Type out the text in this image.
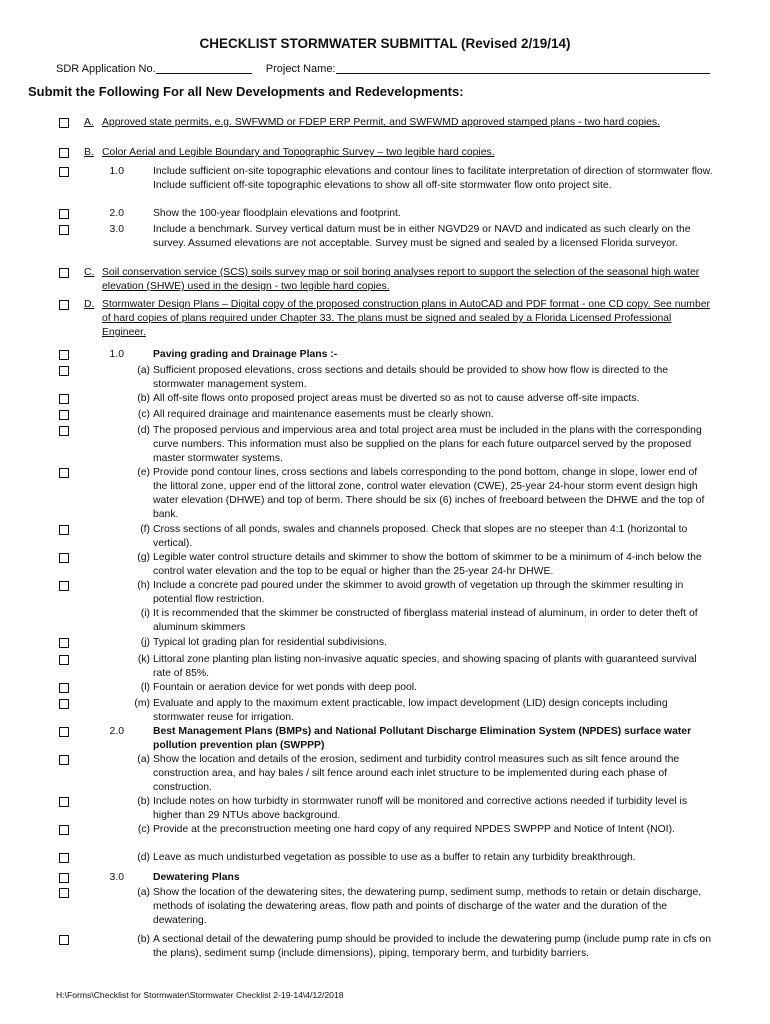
CHECKLIST STORMWATER SUBMITTAL (Revised 2/19/14)
SDR Application No.	Project Name:
Submit the Following For all New Developments and Redevelopments:
A. Approved state permits, e.g. SWFWMD or FDEP ERP Permit, and SWFWMD approved stamped plans - two hard copies.
B. Color Aerial and Legible Boundary and Topographic Survey – two legible hard copies.
1.0	Include sufficient on-site topographic elevations and contour lines to facilitate interpretation of direction of stormwater flow. Include sufficient off-site topographic elevations to show all off-site stormwater flow onto project site.
2.0	Show the 100-year floodplain elevations and footprint.
3.0	Include a benchmark. Survey vertical datum must be in either NGVD29 or NAVD and indicated as such clearly on the survey. Assumed elevations are not acceptable. Survey must be signed and sealed by a licensed Florida surveyor.
C. Soil conservation service (SCS) soils survey map or soil boring analyses report to support the selection of the seasonal high water elevation (SHWE) used in the design - two legible hard copies.
D. Stormwater Design Plans – Digital copy of the proposed construction plans in AutoCAD and PDF format - one CD copy. See number of hard copies of plans required under Chapter 33. The plans must be signed and sealed by a Florida Licensed Professional Engineer.
1.0	Paving grading and Drainage Plans :-
(a) Sufficient proposed elevations, cross sections and details should be provided to show how flow is directed to the stormwater management system.
(b) All off-site flows onto proposed project areas must be diverted so as not to cause adverse off-site impacts.
(c) All required drainage and maintenance easements must be clearly shown.
(d) The proposed pervious and impervious area and total project area must be included in the plans with the corresponding curve numbers. This information must also be supplied on the plans for each future outparcel served by the proposed master stormwater systems.
(e) Provide pond contour lines, cross sections and labels corresponding to the pond bottom, change in slope, lower end of the littoral zone, upper end of the littoral zone, control water elevation (CWE), 25-year 24-hour storm event design high water elevation (DHWE) and top of berm. There should be six (6) inches of freeboard between the DHWE and the top of bank.
(f) Cross sections of all ponds, swales and channels proposed. Check that slopes are no steeper than 4:1 (horizontal to vertical).
(g) Legible water control structure details and skimmer to show the bottom of skimmer to be a minimum of 4-inch below the control water elevation and the top to be equal or higher than the 25-year 24-hr DHWE.
(h) Include a concrete pad poured under the skimmer to avoid growth of vegetation up through the skimmer resulting in potential flow restriction.
(i) It is recommended that the skimmer be constructed of fiberglass material instead of aluminum, in order to deter theft of aluminum skimmers
(j) Typical lot grading plan for residential subdivisions.
(k) Littoral zone planting plan listing non-invasive aquatic species, and showing spacing of plants with guaranteed survival rate of 85%.
(l) Fountain or aeration device for wet ponds with deep pool.
(m) Evaluate and apply to the maximum extent practicable, low impact development (LID) design concepts including stormwater reuse for irrigation.
2.0	Best Management Plans (BMPs) and National Pollutant Discharge Elimination System (NPDES) surface water pollution prevention plan (SWPPP)
(a) Show the location and details of the erosion, sediment and turbidity control measures such as silt fence around the construction area, and hay bales / silt fence around each inlet structure to be implemented during each phase of construction.
(b) Include notes on how turbidty in stormwater runoff will be monitored and corrective actions needed if turbidity level is higher than 29 NTUs above background.
(c) Provide at the preconstruction meeting one hard copy of any required NPDES SWPPP and Notice of Intent (NOI).
(d) Leave as much undisturbed vegetation as possible to use as a buffer to retain any turbidity breakthrough.
3.0	Dewatering Plans
(a) Show the location of the dewatering sites, the dewatering pump, sediment sump, methods to retain or detain discharge, methods of isolating the dewatering areas, flow path and points of discharge of the water and the duration of the dewatering.
(b) A sectional detail of the dewatering pump should be provided to include the dewatering pump (include pump rate in cfs on the plans), sediment sump (include dimensions), piping, temporary berm, and turbidity barriers.
H:\Forms\Checklist for Stormwater\Stormwater Checklist 2-19-14\4/12/2018
